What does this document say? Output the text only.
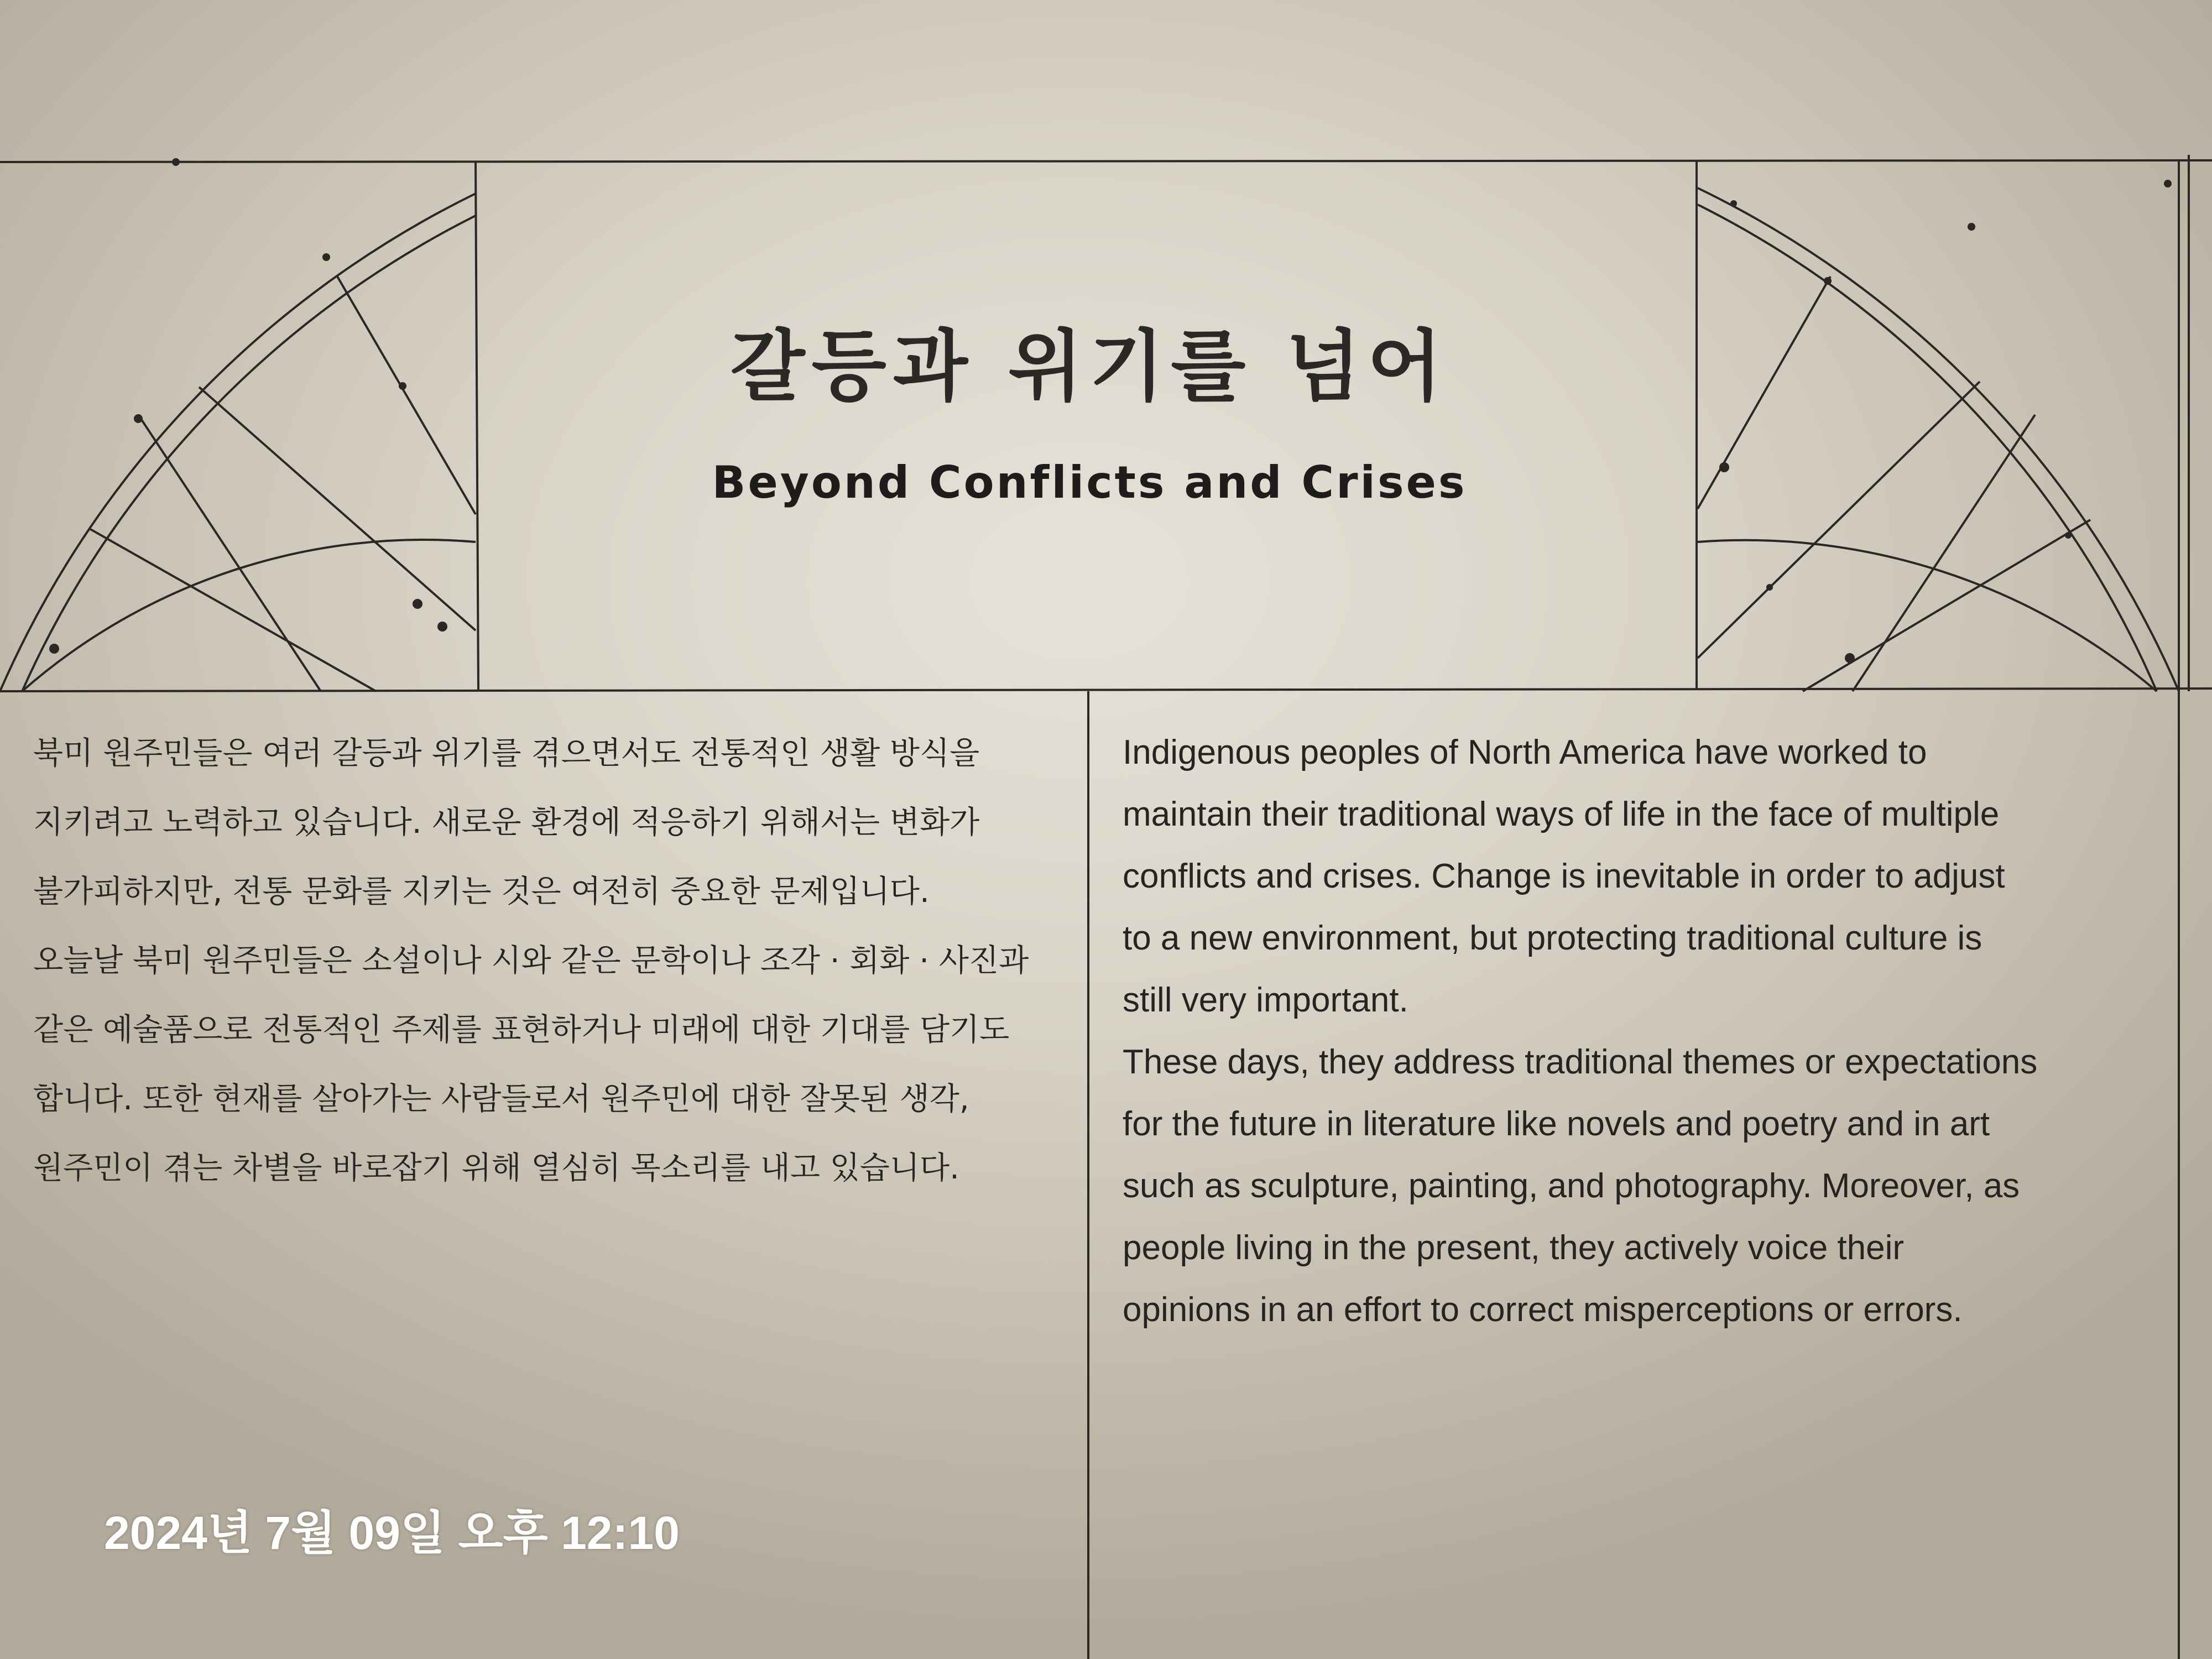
갈등과 위기를 넘어
Beyond Conflicts and Crises
북미 원주민들은 여러 갈등과 위기를 겪으면서도 전통적인 생활 방식을
지키려고 노력하고 있습니다. 새로운 환경에 적응하기 위해서는 변화가
불가피하지만, 전통 문화를 지키는 것은 여전히 중요한 문제입니다.
오늘날 북미 원주민들은 소설이나 시와 같은 문학이나 조각 · 회화 · 사진과
같은 예술품으로 전통적인 주제를 표현하거나 미래에 대한 기대를 담기도
합니다. 또한 현재를 살아가는 사람들로서 원주민에 대한 잘못된 생각,
원주민이 겪는 차별을 바로잡기 위해 열심히 목소리를 내고 있습니다.
Indigenous peoples of North America have worked to
maintain their traditional ways of life in the face of multiple
conflicts and crises. Change is inevitable in order to adjust
to a new environment, but protecting traditional culture is
still very important.
These days, they address traditional themes or expectations
for the future in literature like novels and poetry and in art
such as sculpture, painting, and photography. Moreover, as
people living in the present, they actively voice their
opinions in an effort to correct misperceptions or errors.
2024년 7월 09일 오후 12:10
